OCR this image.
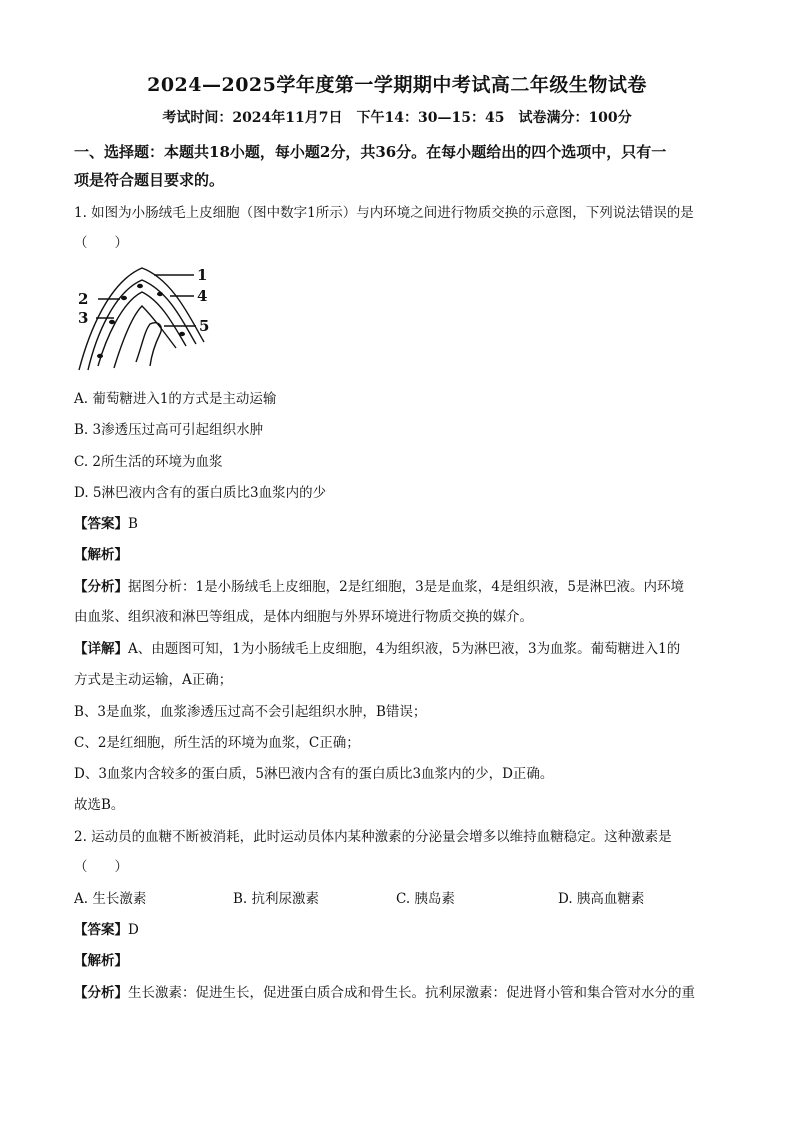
2024—2025学年度第一学期期中考试高二年级生物试卷
考试时间：2024年11月7日　下午14：30—15：45　试卷满分：100分
一、选择题：本题共18小题，每小题2分，共36分。在每小题给出的四个选项中，只有一
项是符合题目要求的。
1. 如图为小肠绒毛上皮细胞（图中数字1所示）与内环境之间进行物质交换的示意图，下列说法错误的是
（　　）
1
2
3
4
5
A. 葡萄糖进入1的方式是主动运输
B. 3渗透压过高可引起组织水肿
C. 2所生活的环境为血浆
D. 5淋巴液内含有的蛋白质比3血浆内的少
【答案】B
【解析】
【分析】据图分析：1是小肠绒毛上皮细胞，2是红细胞，3是是血浆，4是组织液，5是淋巴液。内环境
由血浆、组织液和淋巴等组成，是体内细胞与外界环境进行物质交换的媒介。
【详解】A、由题图可知，1为小肠绒毛上皮细胞，4为组织液，5为淋巴液，3为血浆。葡萄糖进入1的
方式是主动运输，A正确；
B、3是血浆，血浆渗透压过高不会引起组织水肿，B错误；
C、2是红细胞，所生活的环境为血浆，C正确；
D、3血浆内含较多的蛋白质，5淋巴液内含有的蛋白质比3血浆内的少，D正确。
故选B。
2. 运动员的血糖不断被消耗，此时运动员体内某种激素的分泌量会增多以维持血糖稳定。这种激素是
（　　）
A. 生长激素	B. 抗利尿激素	C. 胰岛素	D. 胰高血糖素
【答案】D
【解析】
【分析】生长激素：促进生长，促进蛋白质合成和骨生长。抗利尿激素：促进肾小管和集合管对水分的重
